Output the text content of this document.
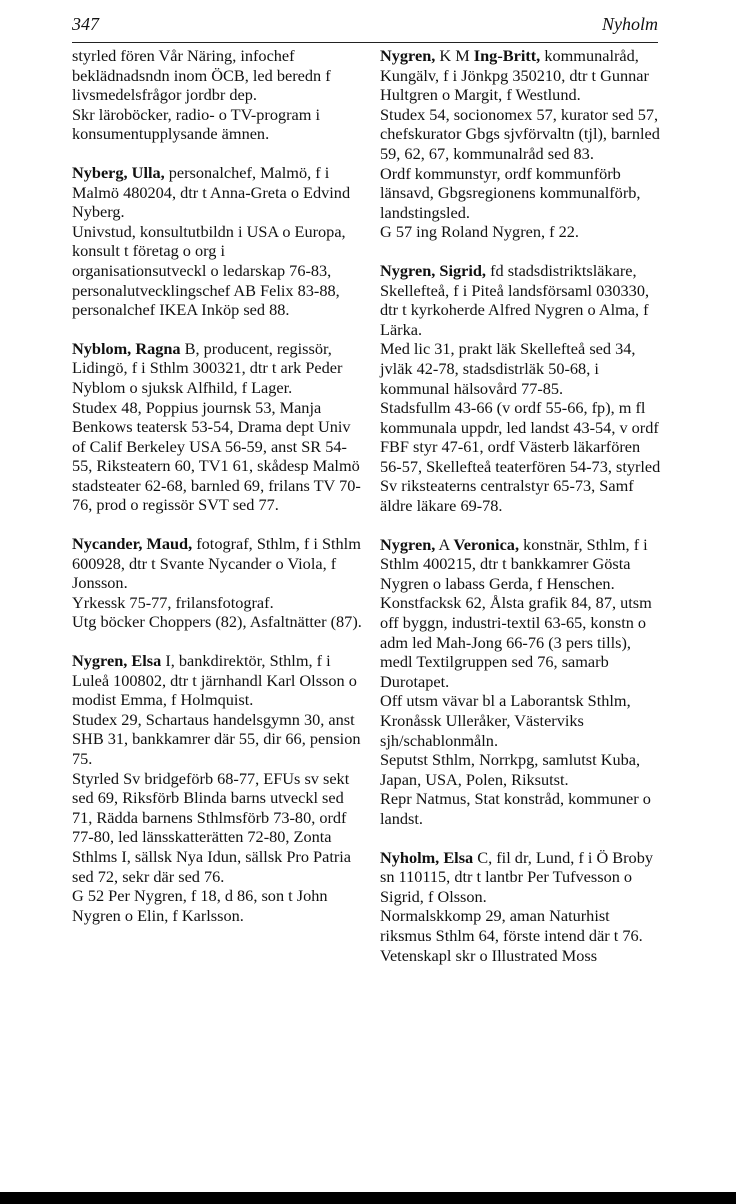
347	Nyholm

styrled fören Vår Näring, infochef beklädnadsndn inom ÖCB, led beredn f livsmedelsfrågor jordbr dep.

Skr läroböcker, radio- o TV-program i konsumentupplysande ämnen.

Nyberg, Ulla, personalchef, Malmö, f i Malmö 480204, dtr t Anna-Greta o Edvind Nyberg.

Univstud, konsultutbildn i USA o Europa, konsult t företag o org i organisationsutveckl o ledarskap 76-83, personalutvecklingschef AB Felix 83-88, personalchef IKEA Inköp sed 88.

Nyblom, Ragna B, producent, regissör, Lidingö, f i Sthlm 300321, dtr t ark Peder Nyblom o sjuksk Alfhild, f Lager.

Studex 48, Poppius journsk 53, Manja Benkows teatersk 53-54, Drama dept Univ of Calif Berkeley USA 56-59, anst SR 54-55, Riksteatern 60, TV1 61, skådesp Malmö stadsteater 62-68, barnled 69, frilans TV 70-76, prod o regissör SVT sed 77.

Nycander, Maud, fotograf, Sthlm, f i Sthlm 600928, dtr t Svante Nycander o Viola, f Jonsson.

Yrkessk 75-77, frilansfotograf.

Utg böcker Choppers (82), Asfaltnätter (87).

Nygren, Elsa I, bankdirektör, Sthlm, f i Luleå 100802, dtr t järnhandl Karl Olsson o modist Emma, f Holmquist.

Studex 29, Schartaus handelsgymn 30, anst SHB 31, bankkamrer där 55, dir 66, pension 75.

Styrled Sv bridgeförb 68-77, EFUs sv sekt sed 69, Riksförb Blinda barns utveckl sed 71, Rädda barnens Sthlmsförb 73-80, ordf 77-80, led länsskatterätten 72-80, Zonta Sthlms I, sällsk Nya Idun, sällsk Pro Patria sed 72, sekr där sed 76.

G 52 Per Nygren, f 18, d 86, son t John Nygren o Elin, f Karlsson.

Nygren, K M Ing-Britt, kommunalråd, Kungälv, f i Jönkpg 350210, dtr t Gunnar Hultgren o Margit, f Westlund.

Studex 54, socionomex 57, kurator sed 57, chefskurator Gbgs sjvförvaltn (tjl), barnled 59, 62, 67, kommunalråd sed 83.

Ordf kommunstyr, ordf kommunförb länsavd, Gbgsregionens kommunalförb, landstingsled.

G 57 ing Roland Nygren, f 22.

Nygren, Sigrid, fd stadsdistriktsläkare, Skellefteå, f i Piteå landsförsaml 030330, dtr t kyrkoherde Alfred Nygren o Alma, f Lärka.

Med lic 31, prakt läk Skellefteå sed 34, jvläk 42-78, stadsdistrläk 50-68, i kommunal hälsovård 77-85.

Stadsfullm 43-66 (v ordf 55-66, fp), m fl kommunala uppdr, led landst 43-54, v ordf FBF styr 47-61, ordf Västerb läkarfören 56-57, Skellefteå teaterfören 54-73, styrled Sv riksteaterns centralstyr 65-73, Samf äldre läkare 69-78.

Nygren, A Veronica, konstnär, Sthlm, f i Sthlm 400215, dtr t bankkamrer Gösta Nygren o labass Gerda, f Henschen.

Konstfacksk 62, Ålsta grafik 84, 87, utsm off byggn, industri-textil 63-65, konstn o adm led Mah-Jong 66-76 (3 pers tills), medl Textilgruppen sed 76, samarb Durotapet.

Off utsm vävar bl a Laborantsk Sthlm, Kronåssk Ulleråker, Västerviks sjh/schablonmåln.

Seputst Sthlm, Norrkpg, samlutst Kuba, Japan, USA, Polen, Riksutst.

Repr Natmus, Stat konstråd, kommuner o landst.

Nyholm, Elsa C, fil dr, Lund, f i Ö Broby sn 110115, dtr t lantbr Per Tufvesson o Sigrid, f Olsson.

Normalskkomp 29, aman Naturhist riksmus Sthlm 64, förste intend där t 76.

Vetenskapl skr o Illustrated Moss
